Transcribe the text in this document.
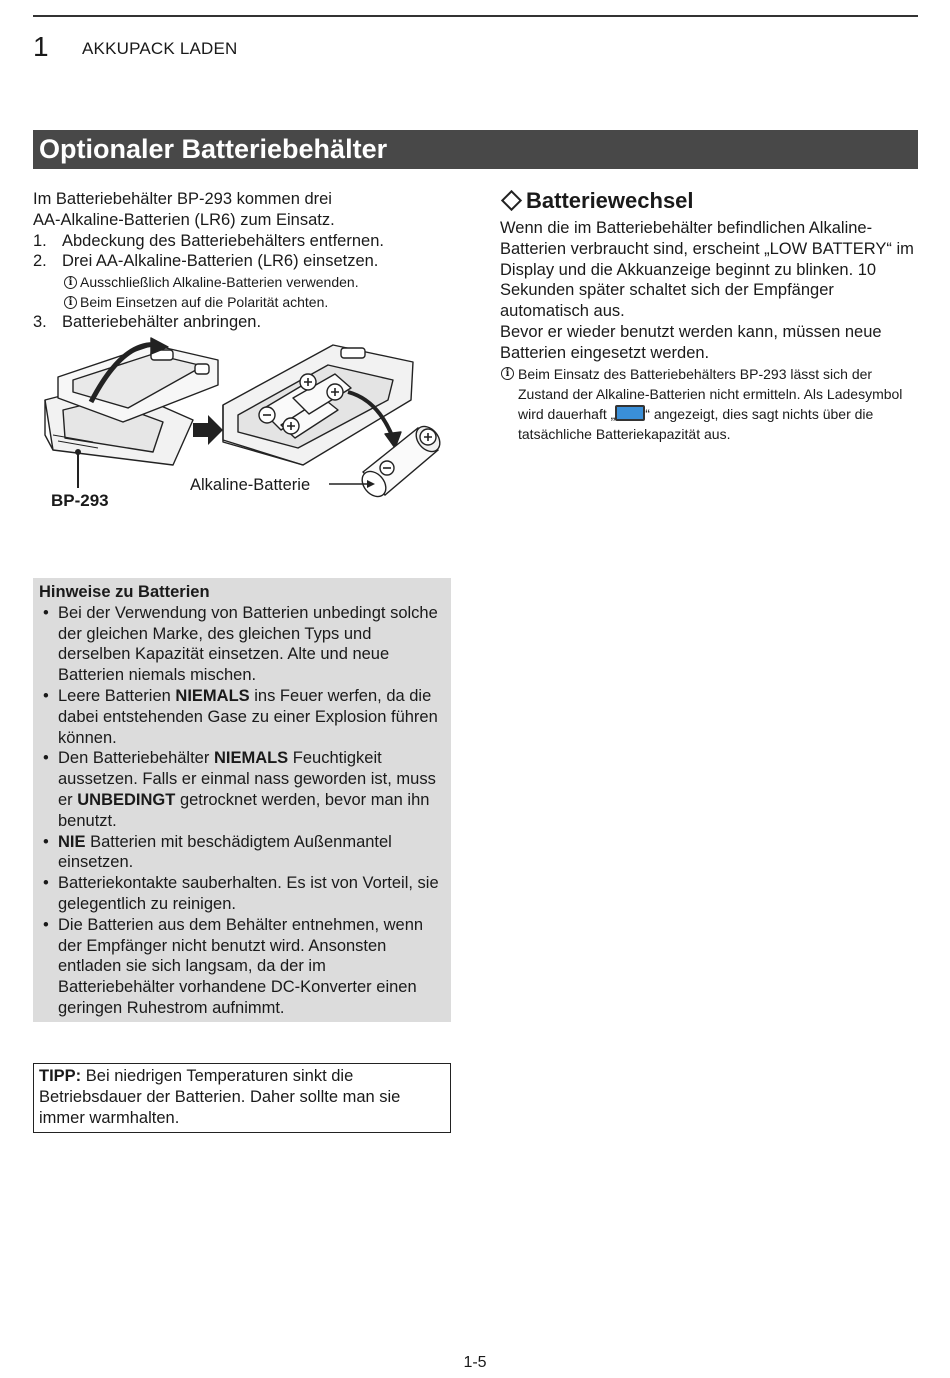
1 AKKUPACK LADEN
Optionaler Batteriebehälter
Im Batteriebehälter BP-293 kommen drei
AA-Alkaline-Batterien (LR6) zum Einsatz.
1. Abdeckung des Batteriebehälters entfernen.
2. Drei AA-Alkaline-Batterien (LR6) einsetzen.
i Ausschließlich Alkaline-Batterien verwenden.
i Beim Einsetzen auf die Polarität achten.
3. Batteriebehälter anbringen.
BP-293
Alkaline-Batterie
Batteriewechsel
Wenn die im Batteriebehälter befindlichen Alkaline-Batterien verbraucht sind, erscheint „LOW BATTERY“ im Display und die Akkuanzeige beginnt zu blinken. 10 Sekunden später schaltet sich der Empfänger automatisch aus.
Bevor er wieder benutzt werden kann, müssen neue Batterien eingesetzt werden.
i Beim Einsatz des Batteriebehälters BP-293 lässt sich der Zustand der Alkaline-Batterien nicht ermitteln. Als Ladesymbol wird dauerhaft „ “ angezeigt, dies sagt nichts über die tatsächliche Batteriekapazität aus.
Hinweise zu Batterien
• Bei der Verwendung von Batterien unbedingt solche der gleichen Marke, des gleichen Typs und derselben Kapazität einsetzen. Alte und neue Batterien niemals mischen.
• Leere Batterien NIEMALS ins Feuer werfen, da die dabei entstehenden Gase zu einer Explosion führen können.
• Den Batteriebehälter NIEMALS Feuchtigkeit aussetzen. Falls er einmal nass geworden ist, muss er UNBEDINGT getrocknet werden, bevor man ihn benutzt.
• NIE Batterien mit beschädigtem Außenmantel einsetzen.
• Batteriekontakte sauberhalten. Es ist von Vorteil, sie gelegentlich zu reinigen.
• Die Batterien aus dem Behälter entnehmen, wenn der Empfänger nicht benutzt wird. Ansonsten entladen sie sich langsam, da der im Batteriebehälter vorhandene DC-Konverter einen geringen Ruhestrom aufnimmt.
TIPP: Bei niedrigen Temperaturen sinkt die Betriebsdauer der Batterien. Daher sollte man sie immer warmhalten.
1-5
